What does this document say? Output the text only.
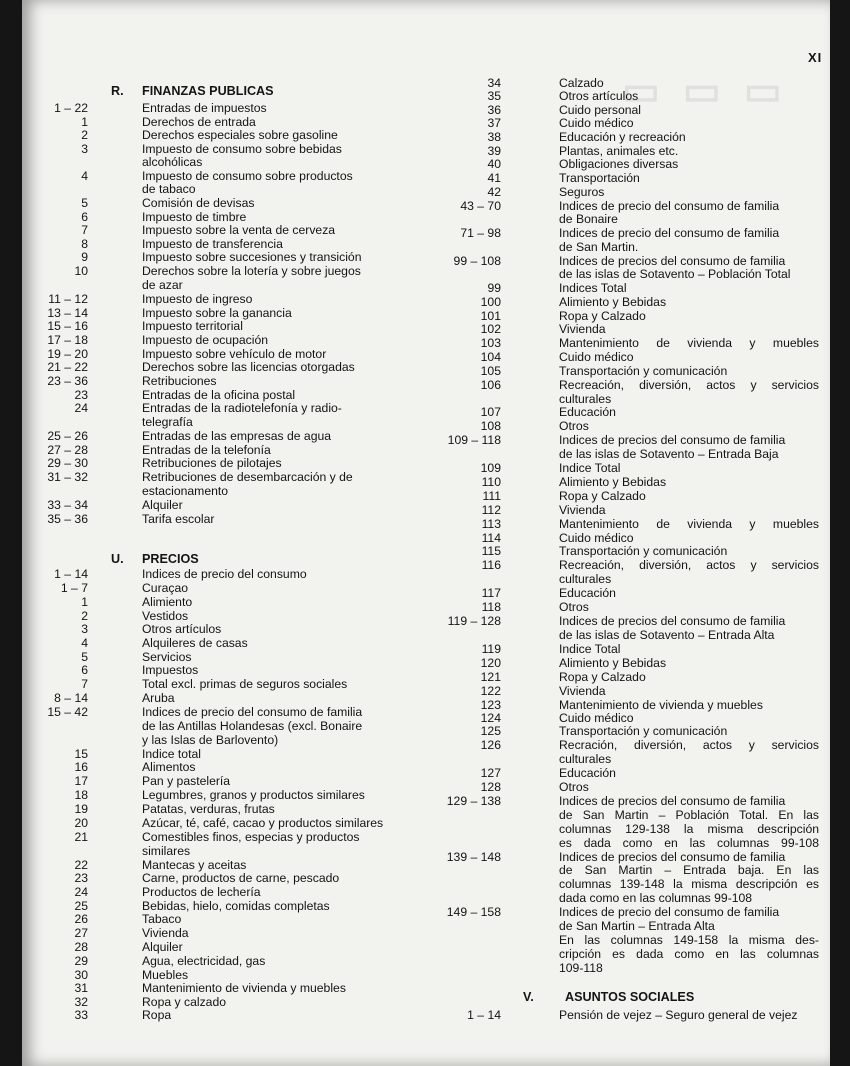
▭ ▭ ▭
XI
R. FINANZAS PUBLICAS
1 – 22	Entradas de impuestos
1	Derechos de entrada
2	Derechos especiales sobre gasoline
3	Impuesto de consumo sobre bebidas
alcohólicas
4	Impuesto de consumo sobre productos
de tabaco
5	Comisión de devisas
6	Impuesto de timbre
7	Impuesto sobre la venta de cerveza
8	Impuesto de transferencia
9	Impuesto sobre succesiones y transición
10	Derechos sobre la lotería y sobre juegos
de azar
11 – 12	Impuesto de ingreso
13 – 14	Impuesto sobre la ganancia
15 – 16	Impuesto territorial
17 – 18	Impuesto de ocupación
19 – 20	Impuesto sobre vehículo de motor
21 – 22	Derechos sobre las licencias otorgadas
23 – 36	Retribuciones
23	Entradas de la oficina postal
24	Entradas de la radiotelefonía y radio-
telegrafía
25 – 26	Entradas de las empresas de agua
27 – 28	Entradas de la telefonía
29 – 30	Retribuciones de pilotajes
31 – 32	Retribuciones de desembarcación y de
estacionamento
33 – 34	Alquiler
35 – 36	Tarifa escolar
U. PRECIOS
1 – 14	Indices de precio del consumo
1 – 7	Curaçao
1	Alimiento
2	Vestidos
3	Otros artículos
4	Alquileres de casas
5	Servicios
6	Impuestos
7	Total excl. primas de seguros sociales
8 – 14	Aruba
15 – 42	Indices de precio del consumo de familia
de las Antillas Holandesas (excl. Bonaire
y las Islas de Barlovento)
15	Indice total
16	Alimentos
17	Pan y pastelería
18	Legumbres, granos y productos similares
19	Patatas, verduras, frutas
20	Azúcar, té, café, cacao y productos similares
21	Comestibles finos, especias y productos
similares
22	Mantecas y aceitas
23	Carne, productos de carne, pescado
24	Productos de lechería
25	Bebidas, hielo, comidas completas
26	Tabaco
27	Vivienda
28	Alquiler
29	Agua, electricidad, gas
30	Muebles
31	Mantenimiento de vivienda y muebles
32	Ropa y calzado
33	Ropa
34	Calzado
35	Otros artículos
36	Cuido personal
37	Cuido médico
38	Educación y recreación
39	Plantas, animales etc.
40	Obligaciones diversas
41	Transportación
42	Seguros
43 – 70	Indices de precio del consumo de familia
de Bonaire
71 – 98	Indices de precio del consumo de familia
de San Martin.
99 – 108	Indices de precios del consumo de familia
de las islas de Sotavento – Población Total
99	Indices Total
100	Alimiento y Bebidas
101	Ropa y Calzado
102	Vivienda
103	Mantenimiento de vivienda y muebles
104	Cuido médico
105	Transportación y comunicación
106	Recreación, diversión, actos y servicios
culturales
107	Educación
108	Otros
109 – 118	Indices de precios del consumo de familia
de las islas de Sotavento – Entrada Baja
109	Indice Total
110	Alimiento y Bebidas
111	Ropa y Calzado
112	Vivienda
113	Mantenimiento de vivienda y muebles
114	Cuido médico
115	Transportación y comunicación
116	Recreación, diversión, actos y servicios
culturales
117	Educación
118	Otros
119 – 128	Indices de precios del consumo de familia
de las islas de Sotavento – Entrada Alta
119	Indice Total
120	Alimiento y Bebidas
121	Ropa y Calzado
122	Vivienda
123	Mantenimiento de vivienda y muebles
124	Cuido médico
125	Transportación y comunicación
126	Recración, diversión, actos y servicios
culturales
127	Educación
128	Otros
129 – 138	Indices de precios del consumo de familia
de San Martin – Población Total. En las
columnas 129-138 la misma descripción
es dada como en las columnas 99-108
139 – 148	Indices de precios del consumo de familia
de San Martin – Entrada baja. En las
columnas 139-148 la misma descripción es
dada como en las columnas 99-108
149 – 158	Indices de precio del consumo de familia
de San Martin – Entrada Alta
En las columnas 149-158 la misma des-
cripción es dada como en las columnas
109-118
V. ASUNTOS SOCIALES
1 – 14	Pensión de vejez – Seguro general de vejez
